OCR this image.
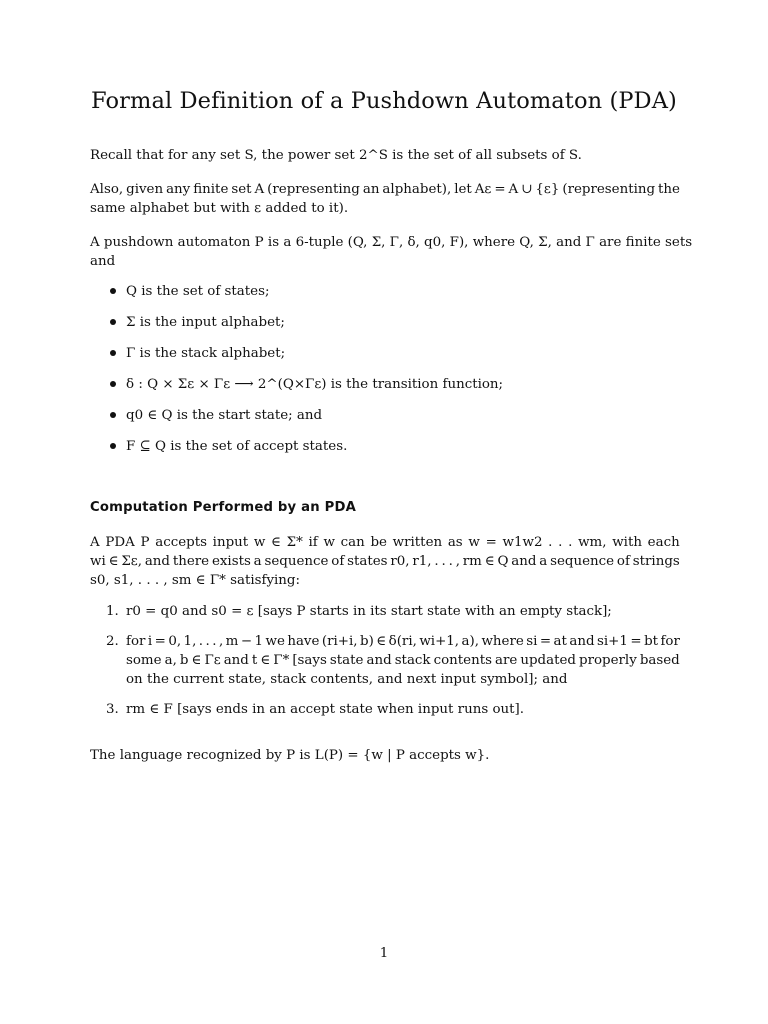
Formal Definition of a Pushdown Automaton (PDA)
Recall that for any set S, the power set 2^S is the set of all subsets of S.
Also, given any finite set A (representing an alphabet), let Aε = A ∪ {ε} (representing the
same alphabet but with ε added to it).
A pushdown automaton P is a 6-tuple (Q, Σ, Γ, δ, q0, F), where Q, Σ, and Γ are finite sets
and
Q is the set of states;
Σ is the input alphabet;
Γ is the stack alphabet;
δ : Q × Σε × Γε ⟶ 2^(Q×Γε) is the transition function;
q0 ∈ Q is the start state; and
F ⊆ Q is the set of accept states.
Computation Performed by an PDA
A PDA P accepts input w ∈ Σ* if w can be written as w = w1w2 . . . wm, with each
wi ∈ Σε, and there exists a sequence of states r0, r1, . . . , rm ∈ Q and a sequence of strings
s0, s1, . . . , sm ∈ Γ* satisfying:
1. r0 = q0 and s0 = ε [says P starts in its start state with an empty stack];
2. for i = 0, 1, . . . , m − 1 we have (ri+i, b) ∈ δ(ri, wi+1, a), where si = at and si+1 = bt for
some a, b ∈ Γε and t ∈ Γ* [says state and stack contents are updated properly based
on the current state, stack contents, and next input symbol]; and
3. rm ∈ F [says ends in an accept state when input runs out].
The language recognized by P is L(P) = {w | P accepts w}.
1
